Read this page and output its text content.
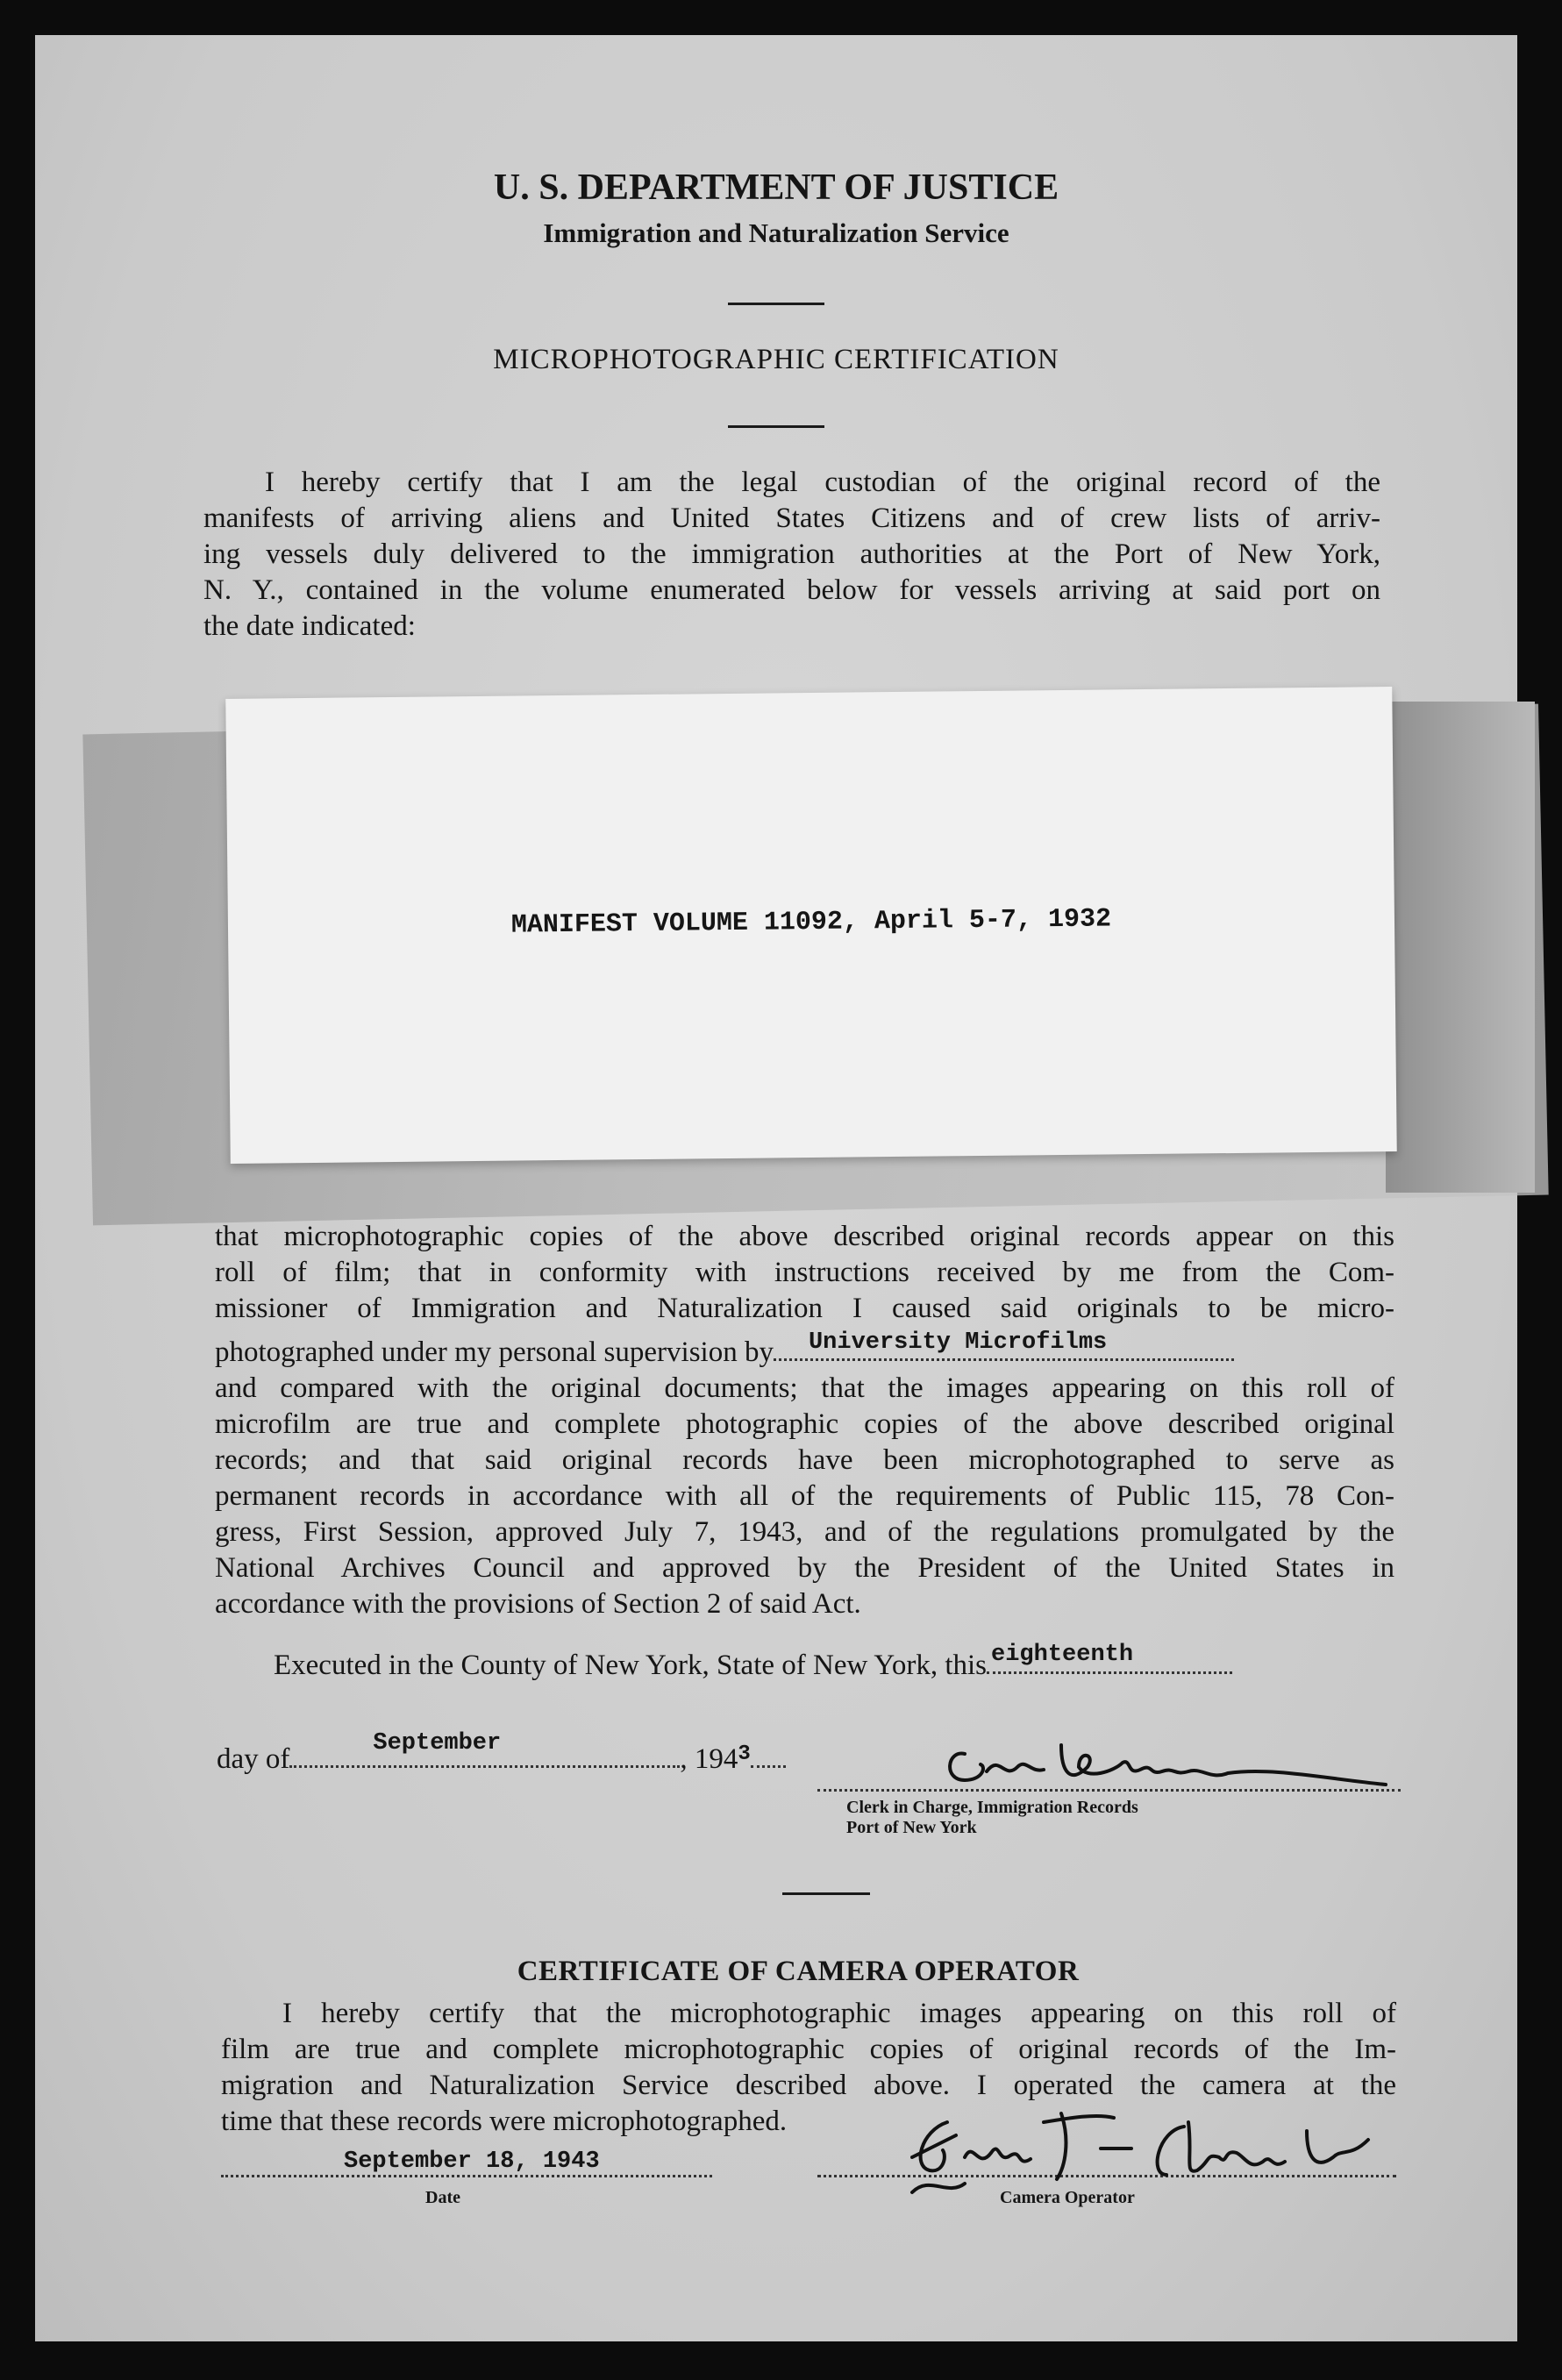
U. S. DEPARTMENT OF JUSTICE
Immigration and Naturalization Service
MICROPHOTOGRAPHIC CERTIFICATION
I hereby certify that I am the legal custodian of the original record of the
manifests of arriving aliens and United States Citizens and of crew lists of arriv-
ing vessels duly delivered to the immigration authorities at the Port of New York,
N. Y., contained in the volume enumerated below for vessels arriving at said port on
the date indicated:
MANIFEST VOLUME 11092, April 5-7, 1932
that microphotographic copies of the above described original records appear on this
roll of film; that in conformity with instructions received by me from the Com-
missioner of Immigration and Naturalization I caused said originals to be micro-
photographed under my personal supervision by University Microfilms
and compared with the original documents; that the images appearing on this roll of
microfilm are true and complete photographic copies of the above described original
records; and that said original records have been microphotographed to serve as
permanent records in accordance with all of the requirements of Public 115, 78 Con-
gress, First Session, approved July 7, 1943, and of the regulations promulgated by the
National Archives Council and approved by the President of the United States in
accordance with the provisions of Section 2 of said Act.
Executed in the County of New York, State of New York, this eighteenth
day of	September	, $194^3$
Clerk in Charge, Immigration Records
Port of New York
CERTIFICATE OF CAMERA OPERATOR
I hereby certify that the microphotographic images appearing on this roll of
film are true and complete microphotographic copies of original records of the Im-
migration and Naturalization Service described above. I operated the camera at the
time that these records were microphotographed.
September 18, 1943
Date	Camera Operator
